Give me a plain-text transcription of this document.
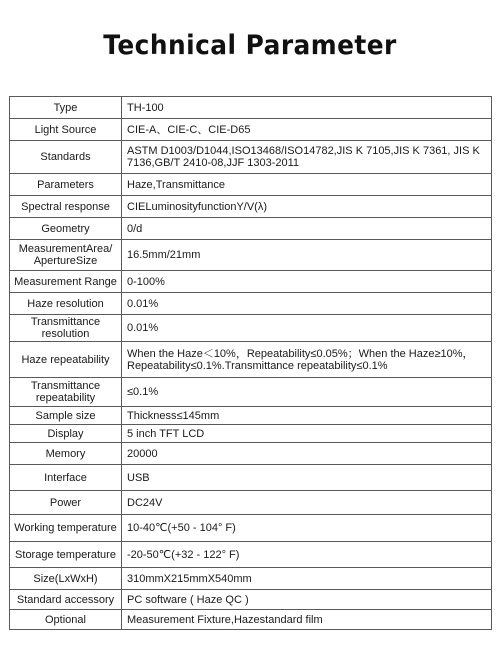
Technical Parameter
Type	TH-100
Light Source	CIE-A、CIE-C、CIE-D65
Standards	ASTM D1003/D1044,ISO13468/ISO14782,JIS K 7105,JIS K 7361, JIS K 7136,GB/T 2410-08,JJF 1303-2011
Parameters	Haze,Transmittance
Spectral response	CIELuminosityfunctionY/V(λ)
Geometry	0/d
MeasurementArea/ ApertureSize	16.5mm/21mm
Measurement Range	0-100%
Haze resolution	0.01%
Transmittance resolution	0.01%
Haze repeatability	When the Haze＜10%，Repeatability≤0.05%；When the Haze≥10%，Repeatability≤0.1%.Transmittance repeatability≤0.1%
Transmittance repeatability	≤0.1%
Sample size	Thickness≤145mm
Display	5 inch TFT LCD
Memory	20000
Interface	USB
Power	DC24V
Working temperature	10-40℃(+50 - 104° F)
Storage temperature	-20-50℃(+32 - 122° F)
Size(LxWxH)	310mmX215mmX540mm
Standard accessory	PC software ( Haze QC )
Optional	Measurement Fixture,Hazestandard film
